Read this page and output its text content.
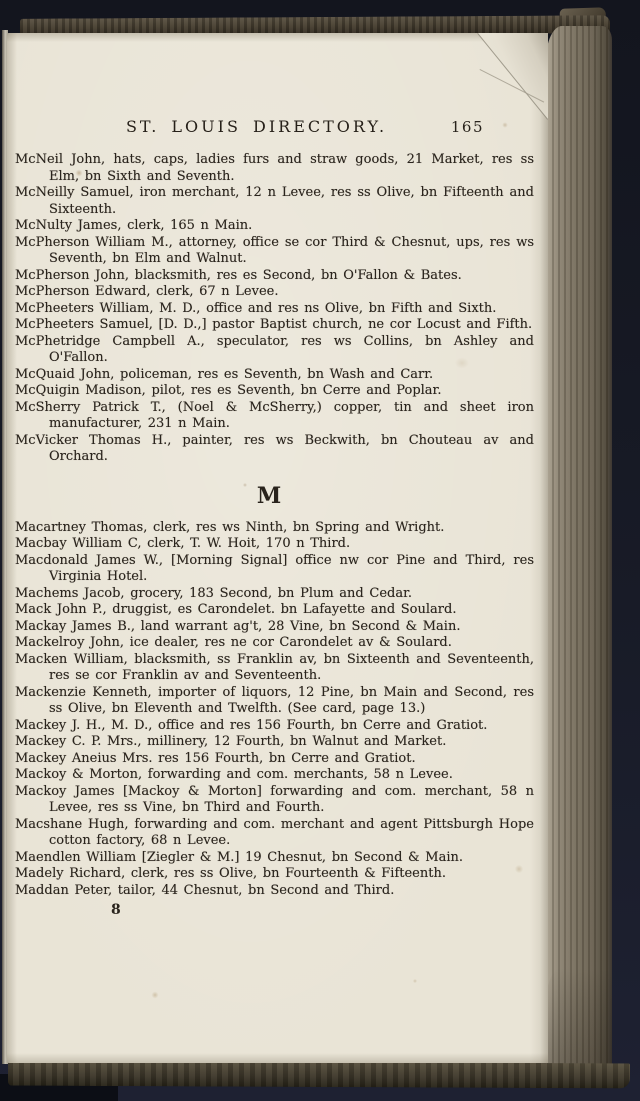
ST. LOUIS DIRECTORY.	165

McNeil John, hats, caps, ladies furs and straw goods, 21 Market, res ss Elm, bn Sixth and Seventh.

McNeilly Samuel, iron merchant, 12 n Levee, res ss Olive, bn Fifteenth and Sixteenth.

McNulty James, clerk, 165 n Main.

McPherson William M., attorney, office se cor Third & Chesnut, ups, res ws Seventh, bn Elm and Walnut.

McPherson John, blacksmith, res es Second, bn O'Fallon & Bates.

McPherson Edward, clerk, 67 n Levee.

McPheeters William, M. D., office and res ns Olive, bn Fifth and Sixth.

McPheeters Samuel, [D. D.,] pastor Baptist church, ne cor Locust and Fifth.

McPhetridge Campbell A., speculator, res ws Collins, bn Ashley and O'Fallon.

McQuaid John, policeman, res es Seventh, bn Wash and Carr.

McQuigin Madison, pilot, res es Seventh, bn Cerre and Poplar.

McSherry Patrick T., (Noel & McSherry,) copper, tin and sheet iron manufacturer, 231 n Main.

McVicker Thomas H., painter, res ws Beckwith, bn Chouteau av and Orchard.

M

Macartney Thomas, clerk, res ws Ninth, bn Spring and Wright.

Macbay William C, clerk, T. W. Hoit, 170 n Third.

Macdonald James W., [Morning Signal] office nw cor Pine and Third, res Virginia Hotel.

Machems Jacob, grocery, 183 Second, bn Plum and Cedar.

Mack John P., druggist, es Carondelet. bn Lafayette and Soulard.

Mackay James B., land warrant ag't, 28 Vine, bn Second & Main.

Mackelroy John, ice dealer, res ne cor Carondelet av & Soulard.

Macken William, blacksmith, ss Franklin av, bn Sixteenth and Seventeenth, res se cor Franklin av and Seventeenth.

Mackenzie Kenneth, importer of liquors, 12 Pine, bn Main and Second, res ss Olive, bn Eleventh and Twelfth. (See card, page 13.)

Mackey J. H., M. D., office and res 156 Fourth, bn Cerre and Gratiot.

Mackey C. P. Mrs., millinery, 12 Fourth, bn Walnut and Market.

Mackey Aneius Mrs. res 156 Fourth, bn Cerre and Gratiot.

Mackoy & Morton, forwarding and com. merchants, 58 n Levee.

Mackoy James [Mackoy & Morton] forwarding and com. merchant, 58 n Levee, res ss Vine, bn Third and Fourth.

Macshane Hugh, forwarding and com. merchant and agent Pittsburgh Hope cotton factory, 68 n Levee.

Maendlen William [Ziegler & M.] 19 Chesnut, bn Second & Main.

Madely Richard, clerk, res ss Olive, bn Fourteenth & Fifteenth.

Maddan Peter, tailor, 44 Chesnut, bn Second and Third.

8
